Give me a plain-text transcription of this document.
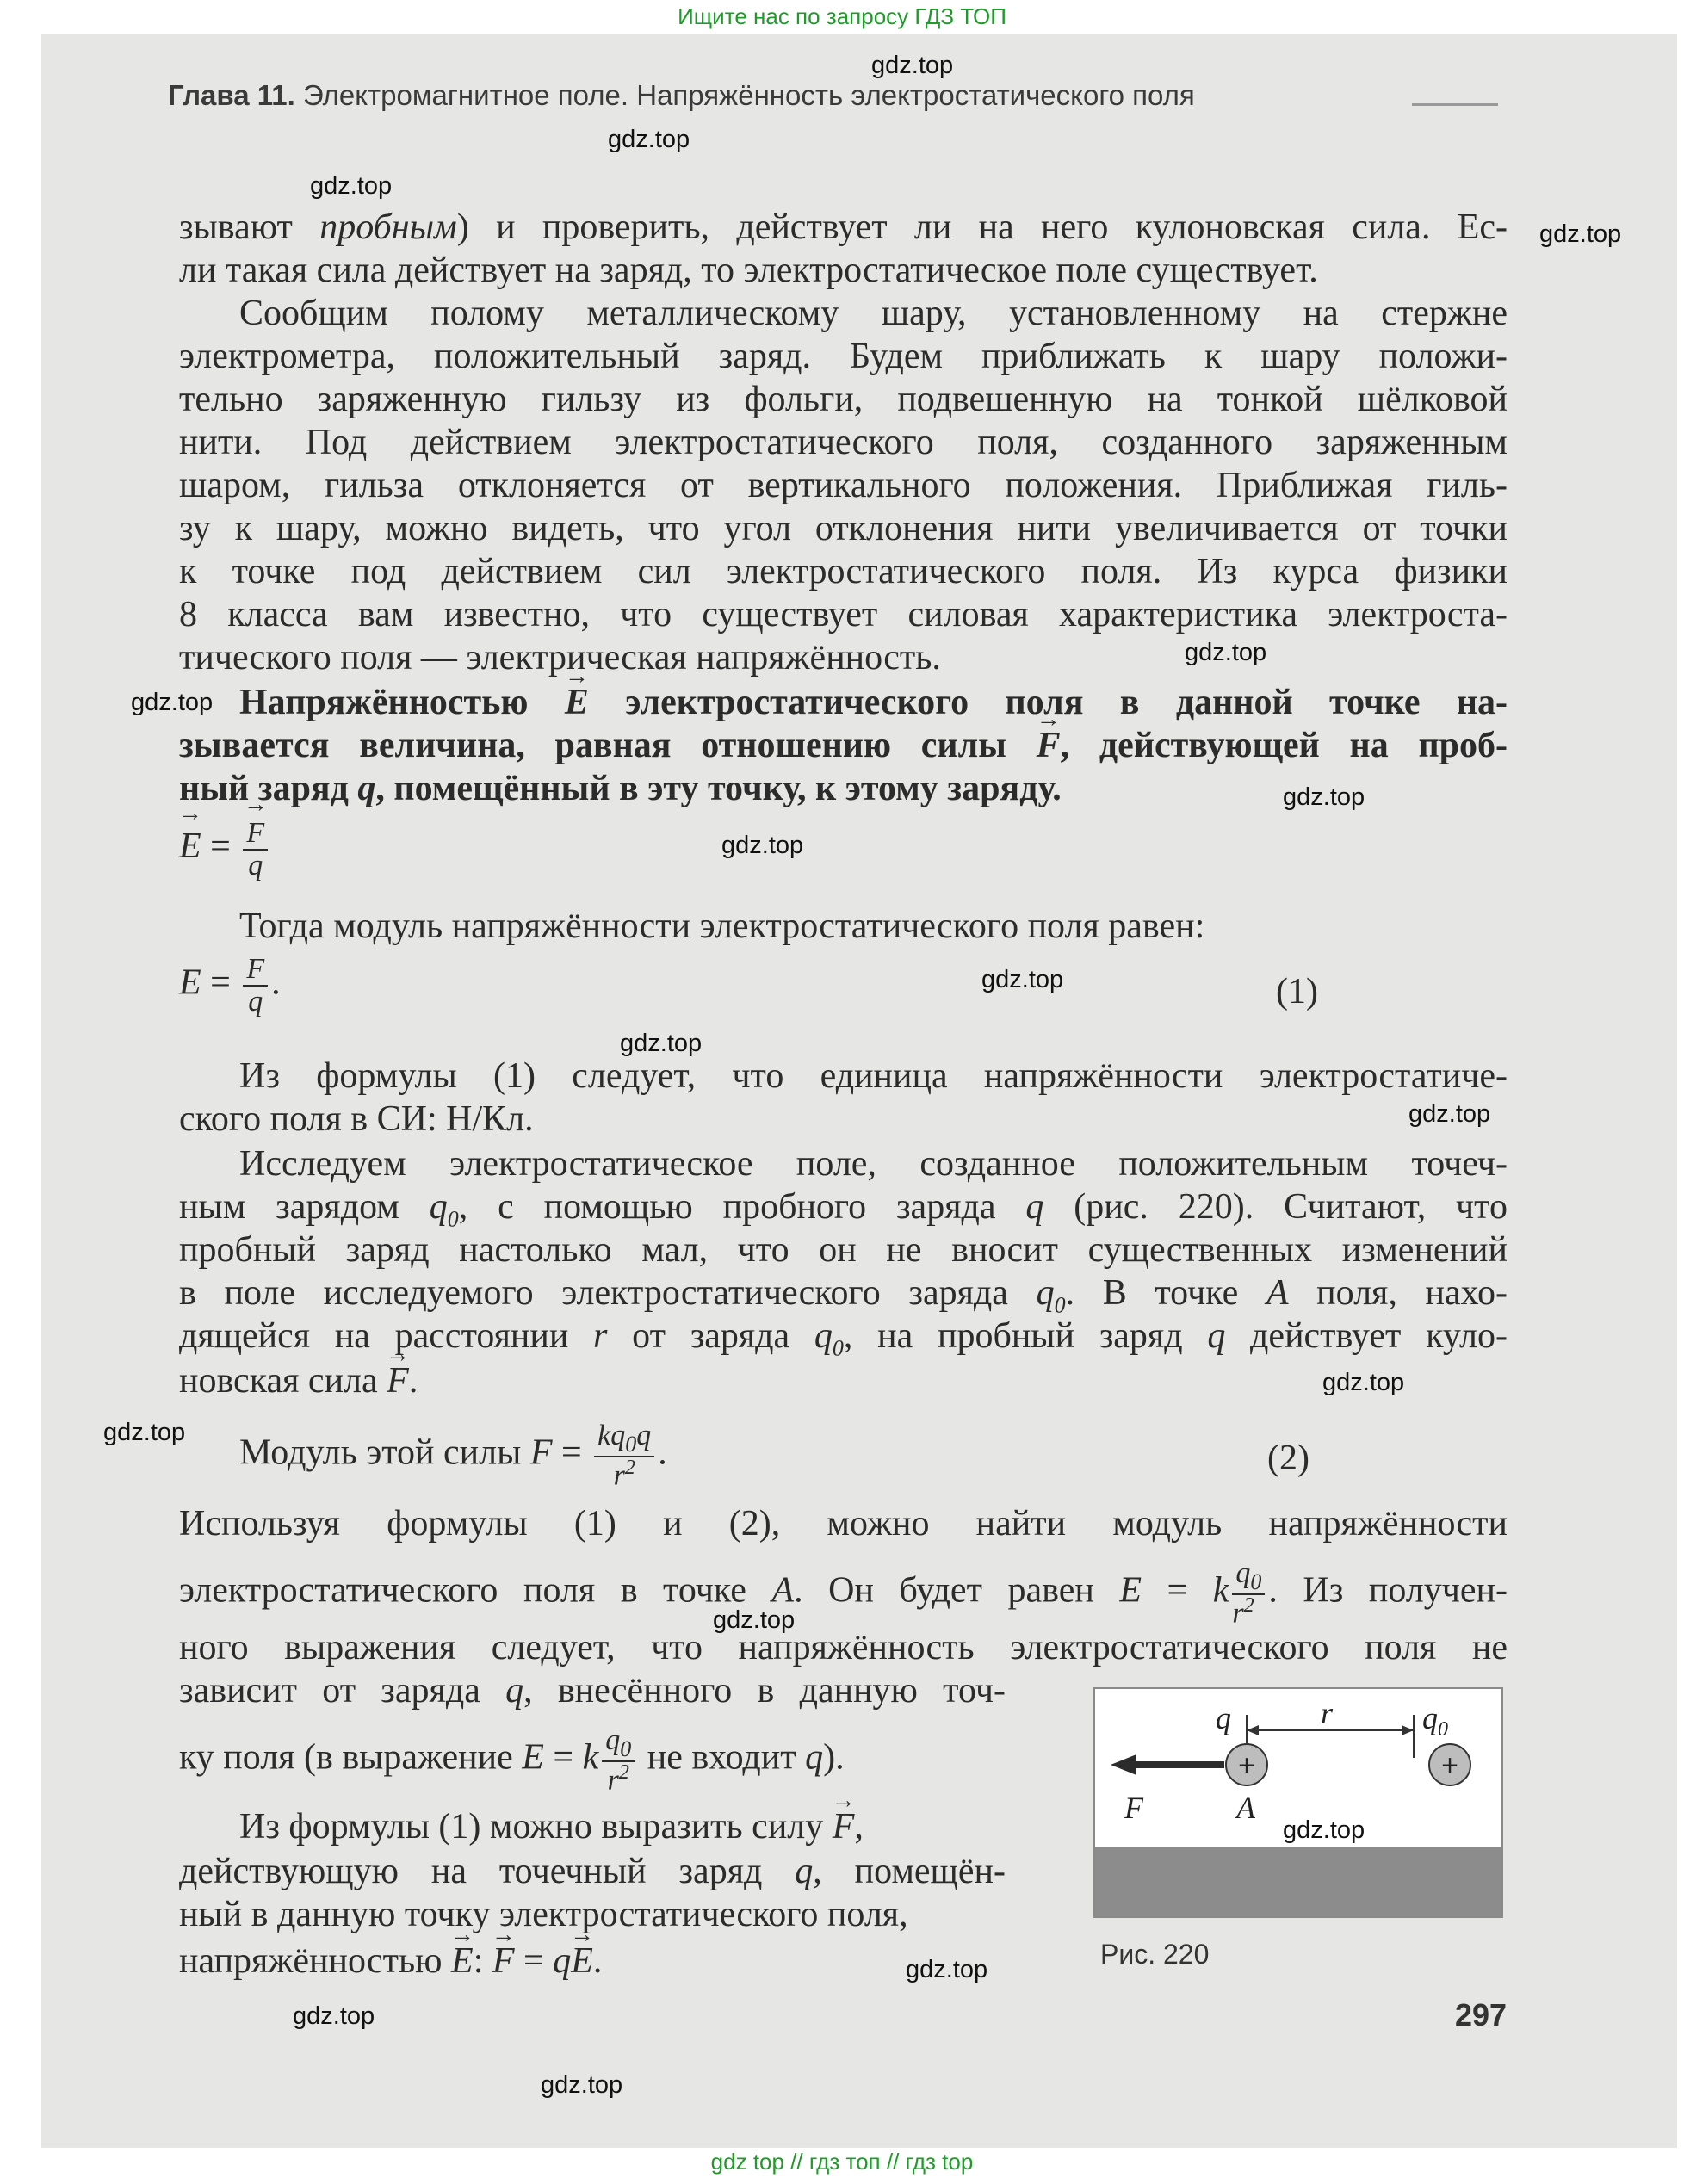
Ищите нас по запросу ГДЗ ТОП
Глава 11. Электромагнитное поле. Напряжённость электростатического поля
зывают пробным) и проверить, действует ли на него кулоновская сила. Ес-
ли такая сила действует на заряд, то электростатическое поле существует.
Сообщим полому металлическому шару, установленному на стержне
электрометра, положительный заряд. Будем приближать к шару положи-
тельно заряженную гильзу из фольги, подвешенную на тонкой шёлковой
нити. Под действием электростатического поля, созданного заряженным
шаром, гильза отклоняется от вертикального положения. Приближая гиль-
зу к шару, можно видеть, что угол отклонения нити увеличивается от точки
к точке под действием сил электростатического поля. Из курса физики
8 класса вам известно, что существует силовая характеристика электроста-
тического поля — электрическая напряжённость.
Напряжённостью → E электростатического поля в данной точке на-
зывается величина, равная отношению силы → F, действующей на проб-
ный заряд q, помещённый в эту точку, к этому заряду.
→ E = → $\frac{F}{q}$
Тогда модуль напряжённости электростатического поля равен:
$E = \frac{F}{q}$ .	(1)
Из формулы (1) следует, что единица напряжённости электростатиче-
ского поля в СИ: Н/Кл.
Исследуем электростатическое поле, созданное положительным точеч-
ным зарядом $q_0$, с помощью пробного заряда q (рис. 220). Считают, что
пробный заряд настолько мал, что он не вносит существенных изменений
в поле исследуемого электростатического заряда $q_0$. В точке A поля, нахо-
дящейся на расстоянии r от заряда $q_0$, на пробный заряд q действует куло-
новская сила → F.
Модуль этой силы $F = \frac{kq_0q}{r^2}$ .	(2)
Используя формулы (1) и (2), можно найти модуль напряжённости
электростатического поля в точке A. Он будет равен E = k $\frac{q_0}{r^2}$ . Из получен-
ного выражения следует, что напряжённость электростатического поля не
зависит от заряда q, внесённого в данную точ-
ку поля (в выражение E = k $\frac{q_0}{r^2}$ не входит q).
Из формулы (1) можно выразить силу → F,
действующую на точечный заряд q, помещён-
ный в данную точку электростатического поля,
напряжённостью → E: → F = q→ E.
+	+
q	r	$q_0$
F	A
Рис. 220
297
gdz.top
gdz.top
gdz.top
gdz.top
gdz.top
gdz.top
gdz.top
gdz.top
gdz.top
gdz.top
gdz.top
gdz.top
gdz.top
gdz.top
gdz.top
gdz.top
gdz.top
gdz.top
gdz top // гдз топ // гдз top
